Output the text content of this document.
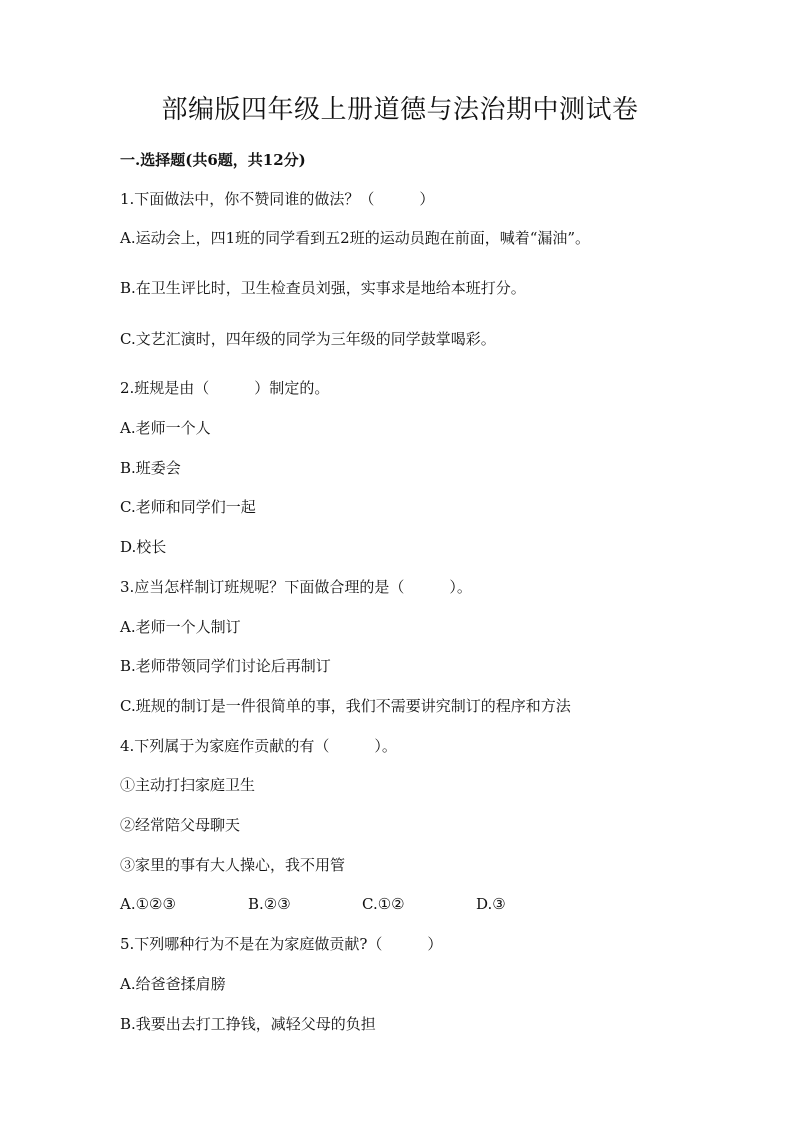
部编版四年级上册道德与法治期中测试卷
一.选择题(共6题，共12分)
1.下面做法中，你不赞同谁的做法？（　　　）
A.运动会上，四1班的同学看到五2班的运动员跑在前面，喊着“漏油”。
B.在卫生评比时，卫生检查员刘强，实事求是地给本班打分。
C.文艺汇演时，四年级的同学为三年级的同学鼓掌喝彩。
2.班规是由（　　　）制定的。
A.老师一个人
B.班委会
C.老师和同学们一起
D.校长
3.应当怎样制订班规呢？下面做合理的是（　　　）。
A.老师一个人制订
B.老师带领同学们讨论后再制订
C.班规的制订是一件很简单的事，我们不需要讲究制订的程序和方法
4.下列属于为家庭作贡献的有（　　　）。
①主动打扫家庭卫生
②经常陪父母聊天
③家里的事有大人操心，我不用管
A.①②③	B.②③	C.①②	D.③
5.下列哪种行为不是在为家庭做贡献?（　　　）
A.给爸爸揉肩膀
B.我要出去打工挣钱，减轻父母的负担
